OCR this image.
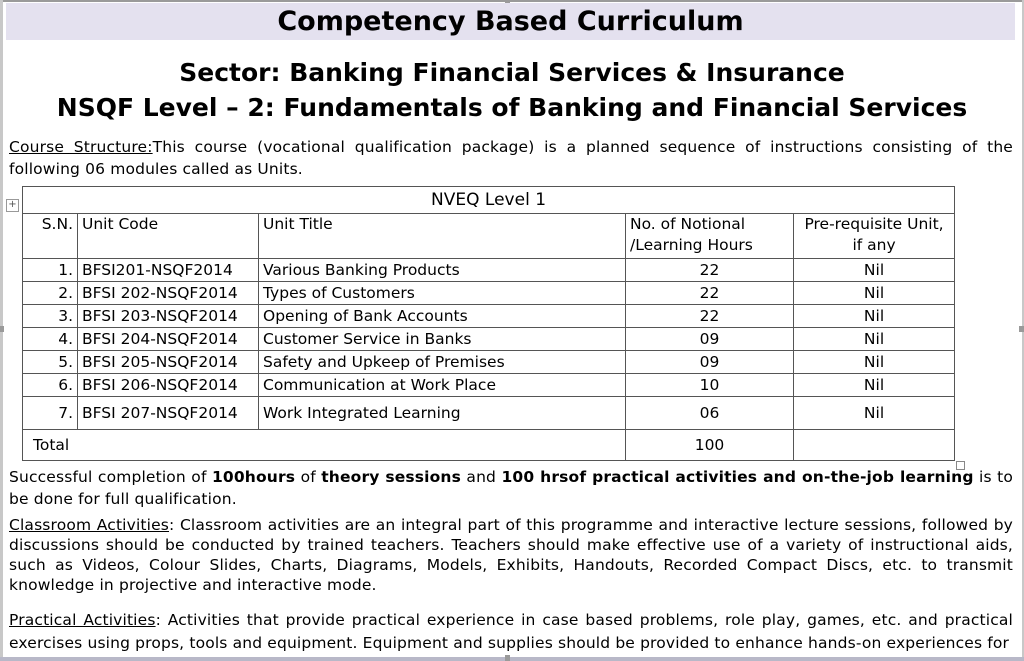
Competency Based Curriculum
Sector: Banking Financial Services & Insurance
NSQF Level – 2: Fundamentals of Banking and Financial Services
Course Structure:This course (vocational qualification package) is a planned sequence of instructions consisting of the following 06 modules called as Units.
+	NVEQ Level 1				
S.N.	Unit Code	Unit Title	No. of Notional /Learning Hours	Pre-requisite Unit, if any
1.	BFSI201-NSQF2014	Various Banking Products	22	Nil
2.	BFSI 202-NSQF2014	Types of Customers	22	Nil
3.	BFSI 203-NSQF2014	Opening of Bank Accounts	22	Nil
4.	BFSI 204-NSQF2014	Customer Service in Banks	09	Nil
5.	BFSI 205-NSQF2014	Safety and Upkeep of Premises	09	Nil
6.	BFSI 206-NSQF2014	Communication at Work Place	10	Nil
7.	BFSI 207-NSQF2014	Work Integrated Learning	06	Nil
Total			100	
Successful completion of 100hours of theory sessions and 100 hrsof practical activities and on-the-job learning is to be done for full qualification.
Classroom Activities: Classroom activities are an integral part of this programme and interactive lecture sessions, followed by discussions should be conducted by trained teachers. Teachers should make effective use of a variety of instructional aids, such as Videos, Colour Slides, Charts, Diagrams, Models, Exhibits, Handouts, Recorded Compact Discs, etc. to transmit knowledge in projective and interactive mode.
Practical Activities: Activities that provide practical experience in case based problems, role play, games, etc. and practical exercises using props, tools and equipment. Equipment and supplies should be provided to enhance hands-on experiences for
